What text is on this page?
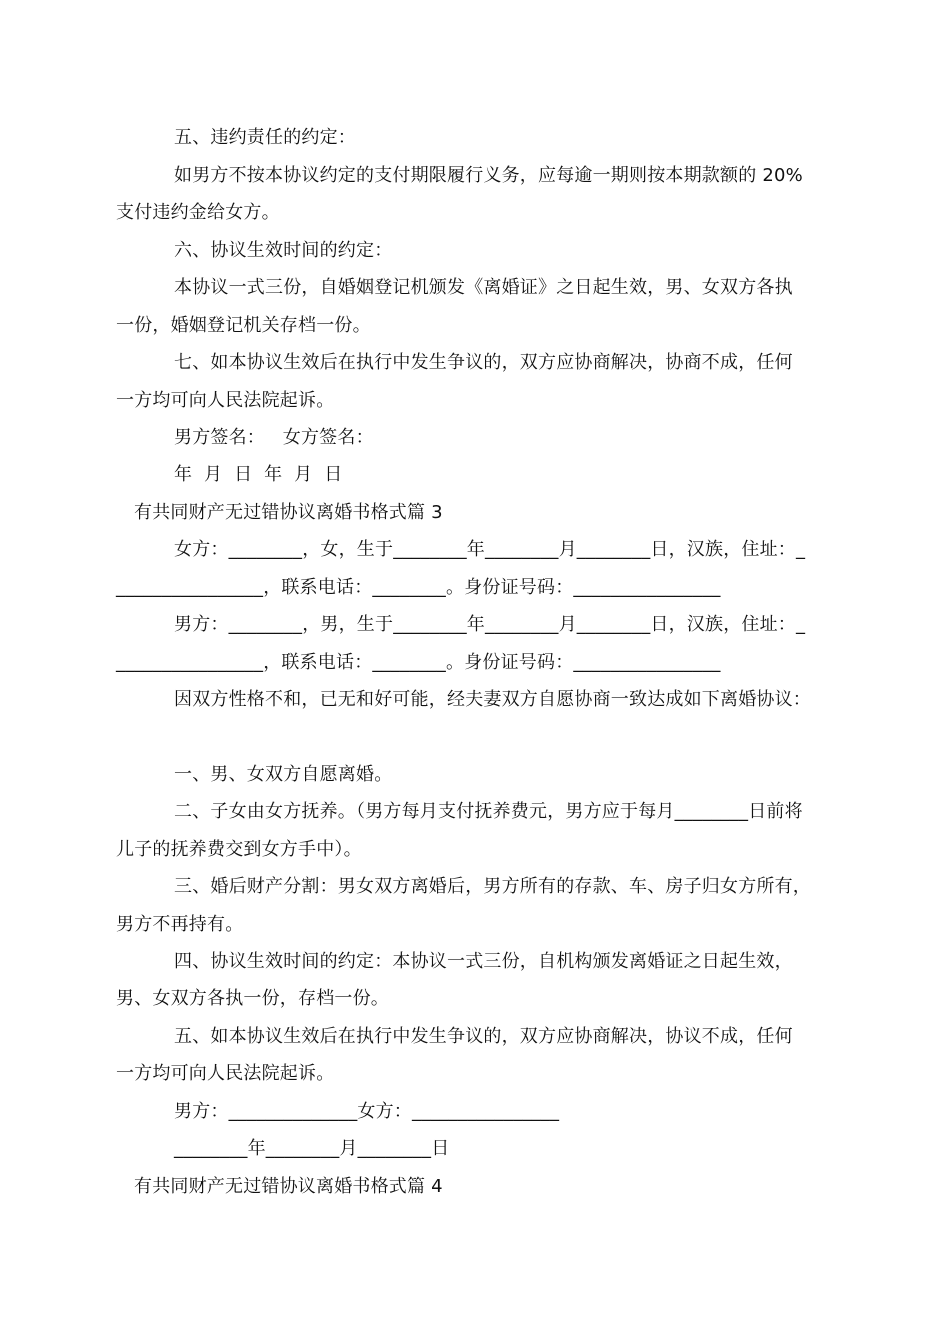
五、违约责任的约定：
如男方不按本协议约定的支付期限履行义务，应每逾一期则按本期款额的 20%
支付违约金给女方。
六、协议生效时间的约定：
本协议一式三份，自婚姻登记机颁发《离婚证》之日起生效，男、女双方各执
一份，婚姻登记机关存档一份。
七、如本协议生效后在执行中发生争议的，双方应协商解决，协商不成，任何
一方均可向人民法院起诉。
男方签名：   女方签名：
年  月  日  年  月  日
有共同财产无过错协议离婚书格式篇 3
女方：________，女，生于________年________月________日，汉族，住址：_
________________，联系电话：________。身份证号码：________________
男方：________，男，生于________年________月________日，汉族，住址：_
________________，联系电话：________。身份证号码：________________
因双方性格不和，已无和好可能，经夫妻双方自愿协商一致达成如下离婚协议：
一、男、女双方自愿离婚。
二、子女由女方抚养。（男方每月支付抚养费元，男方应于每月________日前将
儿子的抚养费交到女方手中）。
三、婚后财产分割：男女双方离婚后，男方所有的存款、车、房子归女方所有，
男方不再持有。
四、协议生效时间的约定：本协议一式三份，自机构颁发离婚证之日起生效，
男、女双方各执一份，存档一份。
五、如本协议生效后在执行中发生争议的，双方应协商解决，协议不成，任何
一方均可向人民法院起诉。
男方：______________女方：________________
________年________月________日
有共同财产无过错协议离婚书格式篇 4
